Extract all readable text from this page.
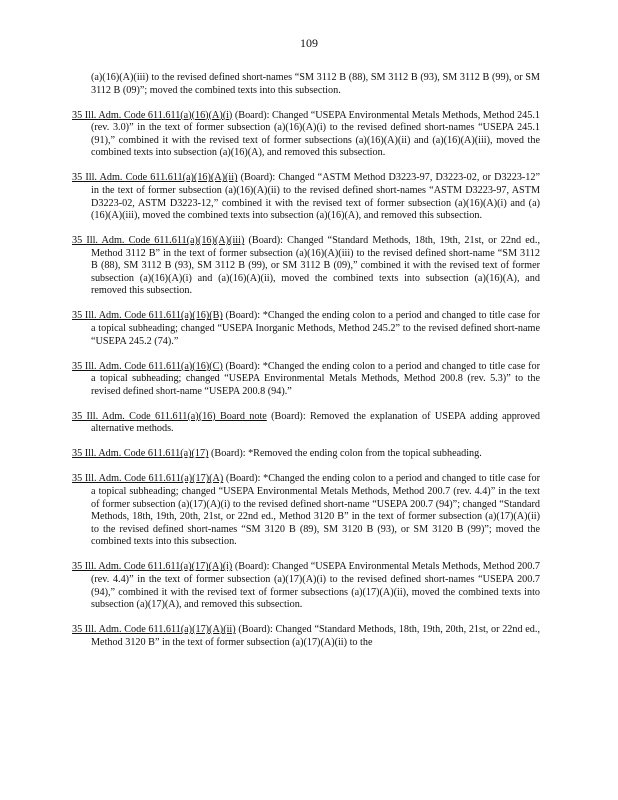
109

(a)(16)(A)(iii) to the revised defined short-names “SM 3112 B (88), SM 3112 B (93), SM 3112 B (99), or SM 3112 B (09)”; moved the combined texts into this subsection.

35 Ill. Adm. Code 611.611(a)(16)(A)(i) (Board): Changed “USEPA Environmental Metals Methods, Method 245.1 (rev. 3.0)” in the text of former subsection (a)(16)(A)(i) to the revised defined short-names “USEPA 245.1 (91),” combined it with the revised text of former subsections (a)(16)(A)(ii) and (a)(16)(A)(iii), moved the combined texts into subsection (a)(16)(A), and removed this subsection.

35 Ill. Adm. Code 611.611(a)(16)(A)(ii) (Board): Changed “ASTM Method D3223-97, D3223-02, or D3223-12” in the text of former subsection (a)(16)(A)(ii) to the revised defined short-names “ASTM D3223-97, ASTM D3223-02, ASTM D3223-12,” combined it with the revised text of former subsection (a)(16)(A)(i) and (a)(16)(A)(iii), moved the combined texts into subsection (a)(16)(A), and removed this subsection.

35 Ill. Adm. Code 611.611(a)(16)(A)(iii) (Board): Changed “Standard Methods, 18th, 19th, 21st, or 22nd ed., Method 3112 B” in the text of former subsection (a)(16)(A)(iii) to the revised defined short-name “SM 3112 B (88), SM 3112 B (93), SM 3112 B (99), or SM 3112 B (09),” combined it with the revised text of former subsection (a)(16)(A)(i) and (a)(16)(A)(ii), moved the combined texts into subsection (a)(16)(A), and removed this subsection.

35 Ill. Adm. Code 611.611(a)(16)(B) (Board): *Changed the ending colon to a period and changed to title case for a topical subheading; changed “USEPA Inorganic Methods, Method 245.2” to the revised defined short-name “USEPA 245.2 (74).”

35 Ill. Adm. Code 611.611(a)(16)(C) (Board): *Changed the ending colon to a period and changed to title case for a topical subheading; changed “USEPA Environmental Metals Methods, Method 200.8 (rev. 5.3)” to the revised defined short-name “USEPA 200.8 (94).”

35 Ill. Adm. Code 611.611(a)(16) Board note (Board): Removed the explanation of USEPA adding approved alternative methods.

35 Ill. Adm. Code 611.611(a)(17) (Board): *Removed the ending colon from the topical subheading.

35 Ill. Adm. Code 611.611(a)(17)(A) (Board): *Changed the ending colon to a period and changed to title case for a topical subheading; changed “USEPA Environmental Metals Methods, Method 200.7 (rev. 4.4)” in the text of former subsection (a)(17)(A)(i) to the revised defined short-name “USEPA 200.7 (94)”; changed “Standard Methods, 18th, 19th, 20th, 21st, or 22nd ed., Method 3120 B” in the text of former subsection (a)(17)(A)(ii) to the revised defined short-names “SM 3120 B (89), SM 3120 B (93), or SM 3120 B (99)”; moved the combined texts into this subsection.

35 Ill. Adm. Code 611.611(a)(17)(A)(i) (Board): Changed “USEPA Environmental Metals Methods, Method 200.7 (rev. 4.4)” in the text of former subsection (a)(17)(A)(i) to the revised defined short-names “USEPA 200.7 (94),” combined it with the revised text of former subsections (a)(17)(A)(ii), moved the combined texts into subsection (a)(17)(A), and removed this subsection.

35 Ill. Adm. Code 611.611(a)(17)(A)(ii) (Board): Changed “Standard Methods, 18th, 19th, 20th, 21st, or 22nd ed., Method 3120 B” in the text of former subsection (a)(17)(A)(ii) to the
